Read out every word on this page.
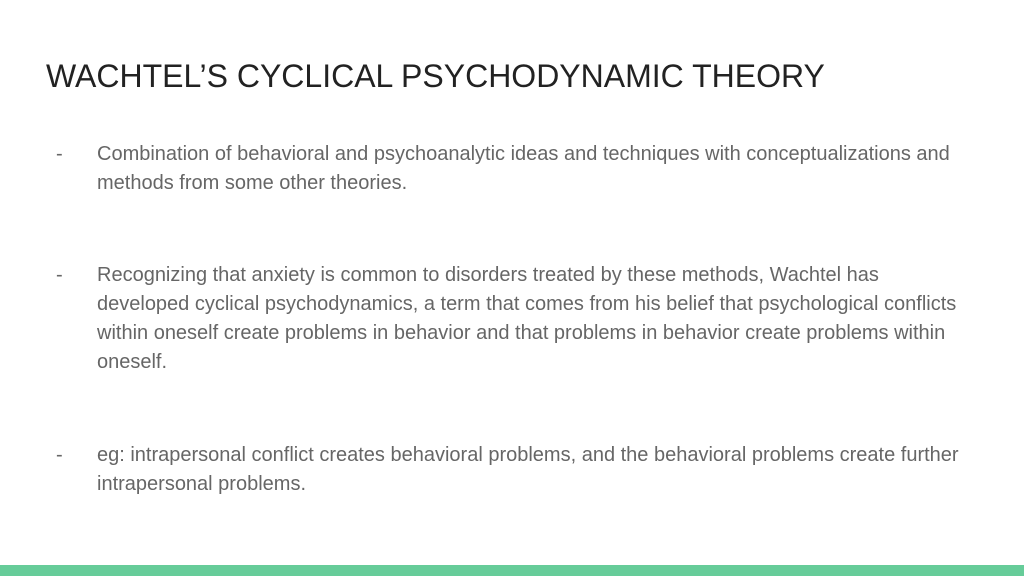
WACHTEL’S CYCLICAL PSYCHODYNAMIC THEORY
- Combination of behavioral and psychoanalytic ideas and techniques with conceptualizations and methods from some other theories.
- Recognizing that anxiety is common to disorders treated by these methods, Wachtel has developed cyclical psychodynamics, a term that comes from his belief that psychological conflicts within oneself create problems in behavior and that problems in behavior create problems within oneself.
- eg: intrapersonal conflict creates behavioral problems, and the behavioral problems create further intrapersonal problems.
